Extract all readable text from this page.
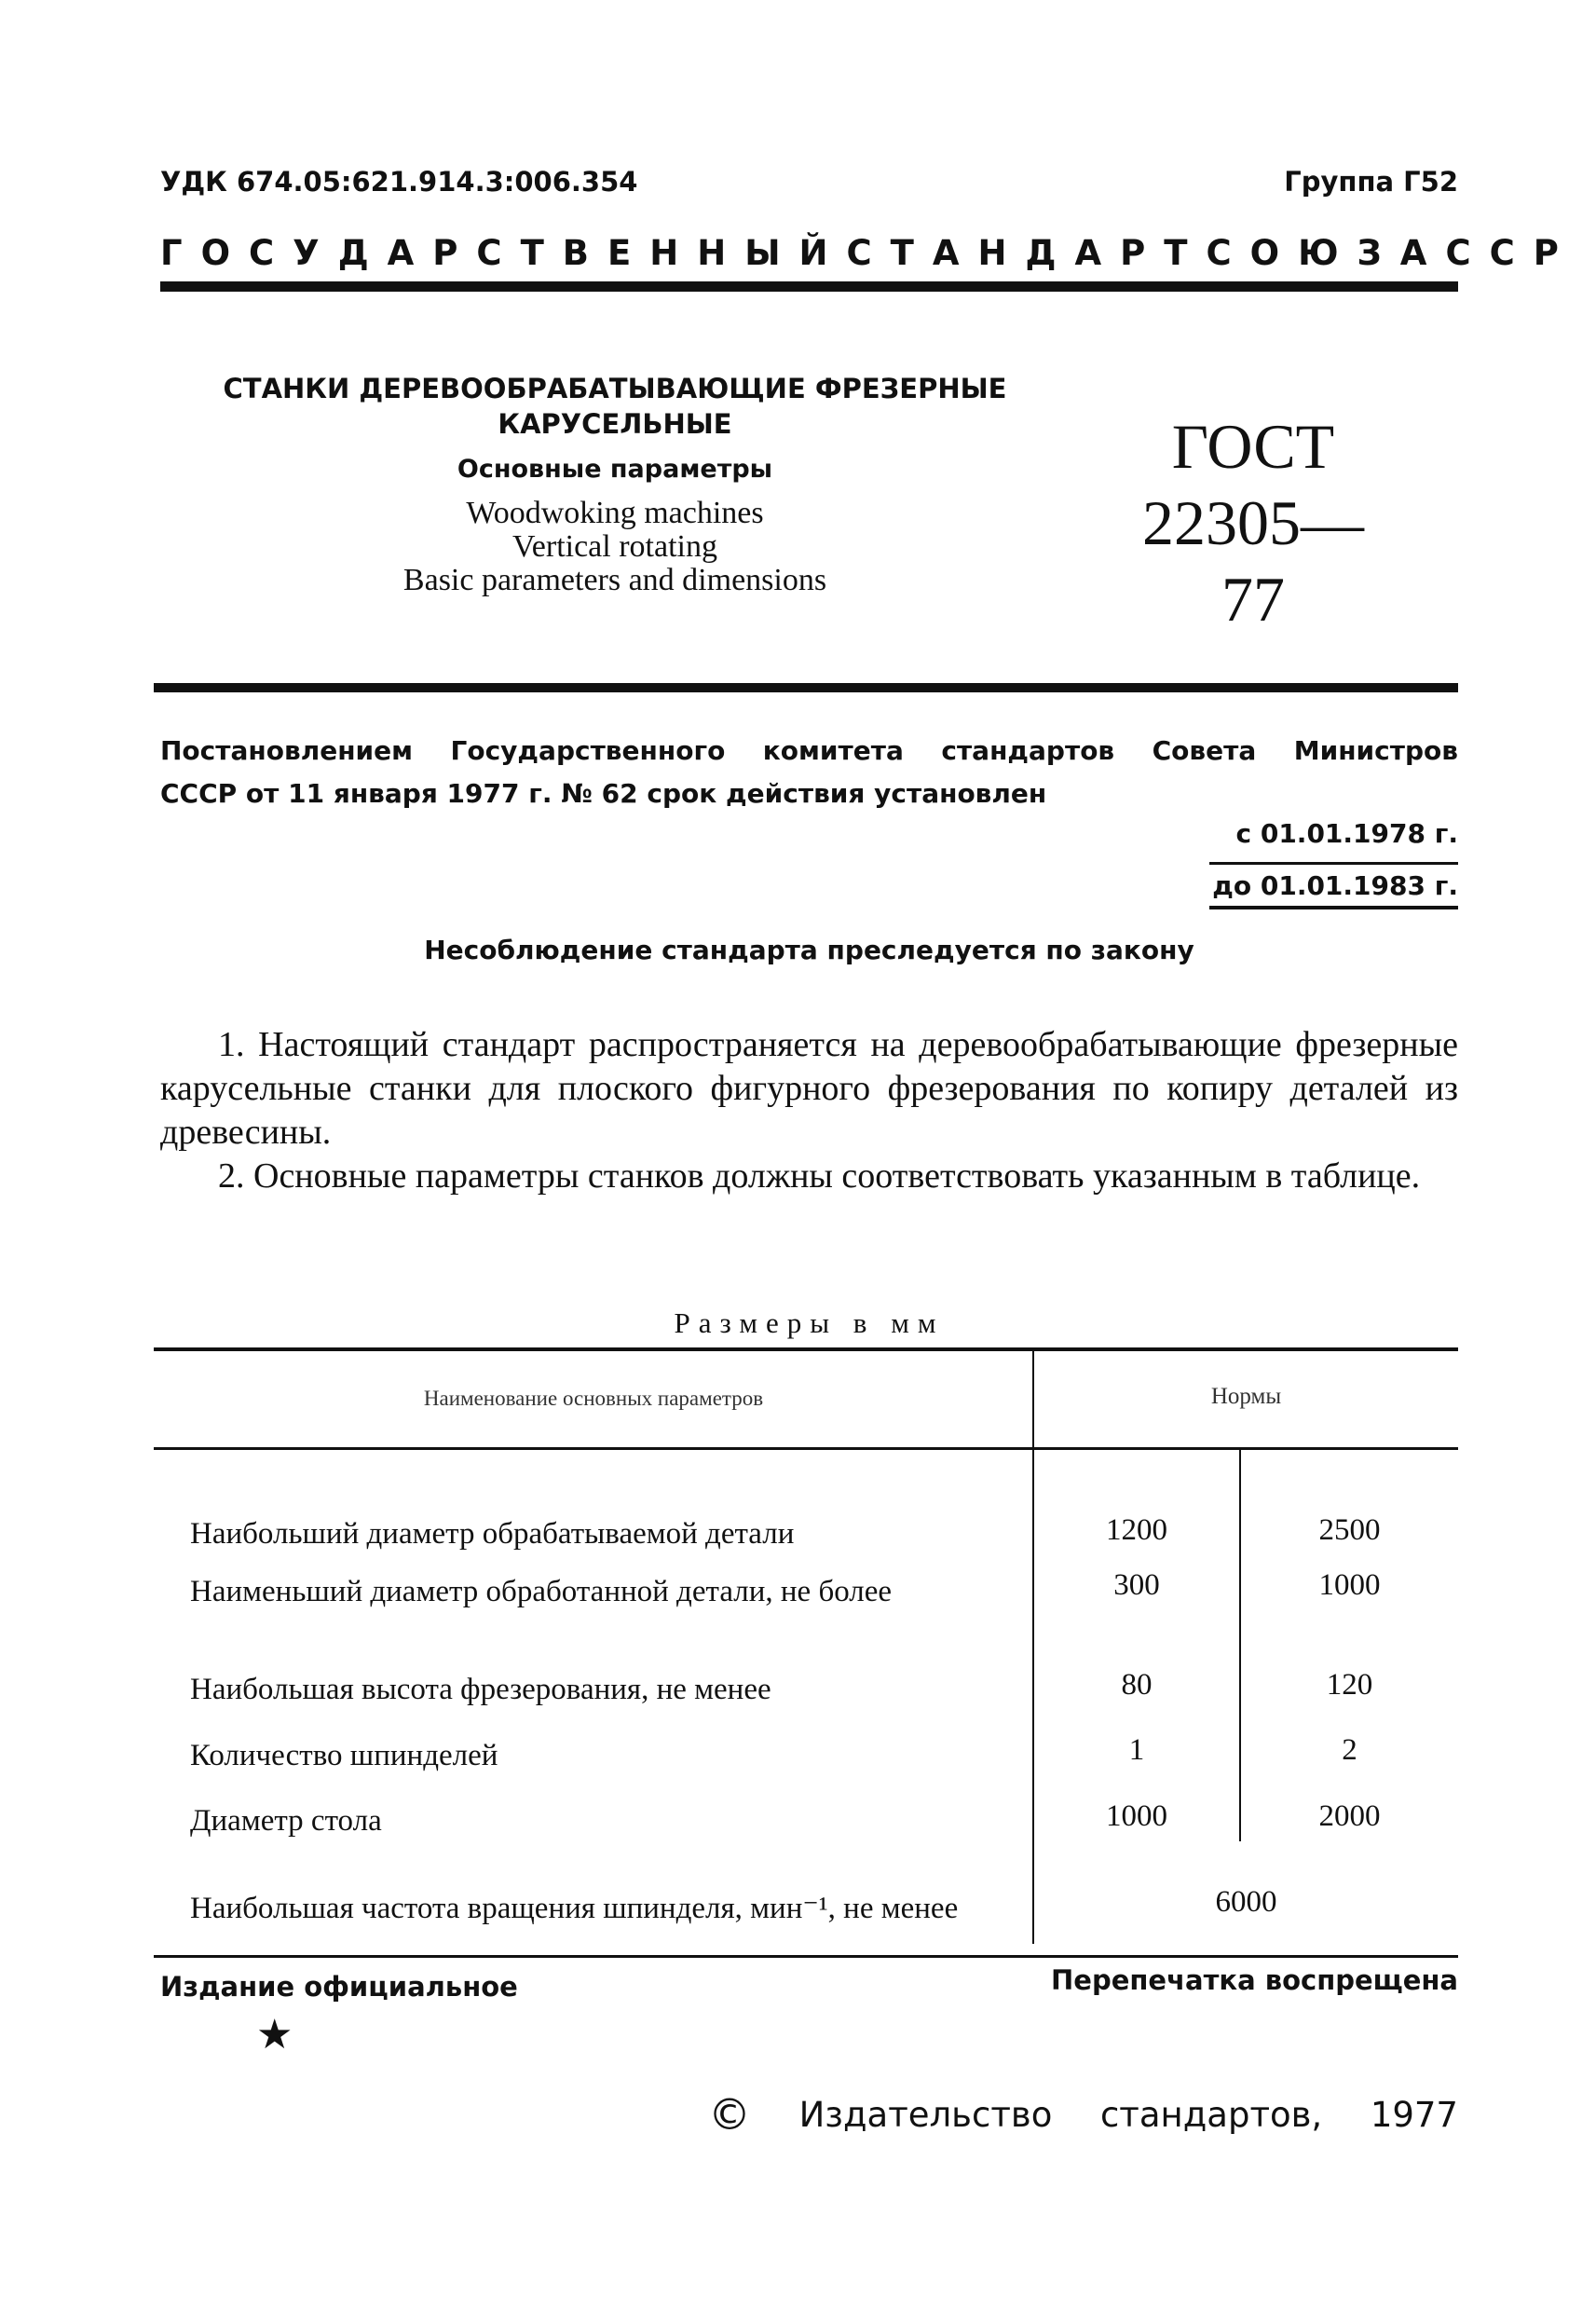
УДК 674.05:621.914.3:006.354	Группа Г52
ГОСУДАРСТВЕННЫЙ СТАНДАРТ СОЮЗА ССР
СТАНКИ ДЕРЕВООБРАБАТЫВАЮЩИЕ ФРЕЗЕРНЫЕ
КАРУСЕЛЬНЫЕ
Основные параметры
Woodwoking machines
Vertical rotating
Basic parameters and dimensions
ГОСТ
22305—77
Постановлением Государственного комитета стандартов Совета Министров
СССР от 11 января 1977 г. № 62 срок действия установлен
с 01.01.1978 г.
до 01.01.1983 г.
Несоблюдение стандарта преследуется по закону
1. Настоящий стандарт распространяется на деревообрабатывающие фрезерные карусельные станки для плоского фигурного фрезерования по копиру деталей из древесины.
2. Основные параметры станков должны соответствовать указанным в таблице.
Размеры в мм
Наименование основных параметров	Нормы
Наибольший диаметр обрабатываемой детали	1200	2500
Наименьший диаметр обработанной детали, не более	300	1000
Наибольшая высота фрезерования, не менее	80	120
Количество шпинделей	1	2
Диаметр стола	1000	2000
Наибольшая частота вращения шпинделя, мин⁻¹, не менее	6000
Издание официальное	Перепечатка воспрещена
★
© Издательство стандартов, 1977
